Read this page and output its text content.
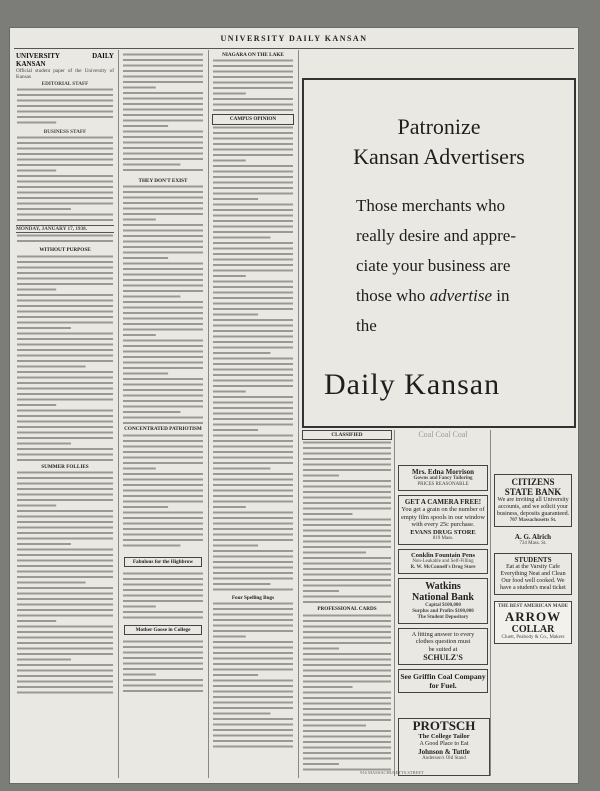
UNIVERSITY DAILY KANSAN
UNIVERSITY DAILY KANSAN
Official student paper of the University of Kansas
EDITORIAL STAFF
BUSINESS STAFF
MONDAY, JANUARY 17, 1938.
WITHOUT PURPOSE
SUMMER FOLLIES
THEY DON'T EXIST
CONCENTRATED PATRIOTISM
Fabulous for the Highbrow
Mother Goose in College
NIAGARA ON THE LAKE
CAMPUS OPINION
Four Spelling Bugs
Patronize
Kansan Advertisers
Those merchants who
really desire and appre-
ciate your business are
those who advertise in
the
Daily Kansan
CLASSIFIED
PROFESSIONAL CARDS
Coal Coal Coal
Mrs. Edna Morrison
Gowns and Fancy Tailoring
PRICES REASONABLE
GET A CAMERA FREE!
You get a grain on the number of empty film spools in our window with every 25c purchase.
EVANS DRUG STORE
819 Mass.
Conklin Fountain Pens
Non-Leakable and Self-Filling
R. W. McConnell's Drug Store
Watkins
National Bank
Capital $100,000
Surplus and Profits $100,000
The Student Depository
A fitting answer to every
clothes question must
be suited at
SCHULZ'S
See Griffin Coal Company for Fuel.
CITIZENS
STATE BANK
We are inviting all University accounts, and we solicit your business, deposits guaranteed.
707 Massachusetts St.
A. G. Alrich
734 Mass. St.
STUDENTS
Eat at the Varsity Cafe Everything Neat and Clean Our food well cooked. We have a student's meal ticket
THE BEST AMERICAN MADE
ARROW
COLLAR
Cluett, Peabody & Co., Makers
PROTSCH
The College Tailor
A Good Place to Eat
Johnson & Tuttle
Anderson's Old Stand
916 MASSACHUSETTS STREET
